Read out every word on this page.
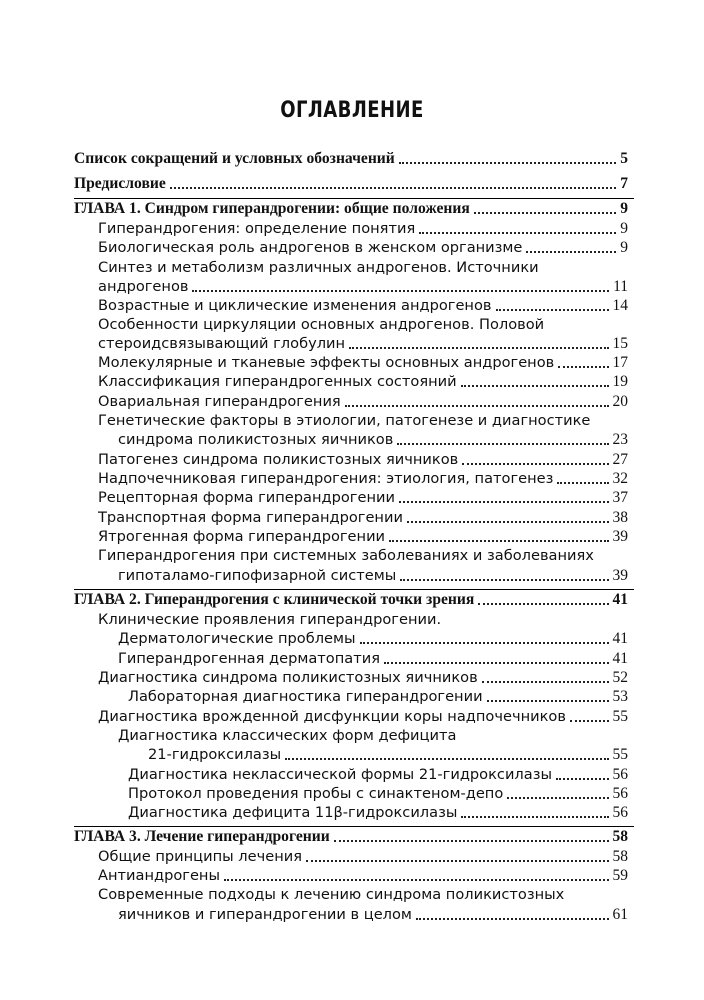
ОГЛАВЛЕНИЕ
Список сокращений и условных обозначений	5
Предисловие	7
ГЛАВА 1. Синдром гиперандрогении: общие положения	9
Гиперандрогения: определение понятия	9
Биологическая роль андрогенов в женском организме	9
Синтез и метаболизм различных андрогенов. Источники
андрогенов	11
Возрастные и циклические изменения андрогенов	14
Особенности циркуляции основных андрогенов. Половой
стероидсвязывающий глобулин	15
Молекулярные и тканевые эффекты основных андрогенов	17
Классификация гиперандрогенных состояний	19
Овариальная гиперандрогения	20
Генетические факторы в этиологии, патогенезе и диагностике
синдрома поликистозных яичников	23
Патогенез синдрома поликистозных яичников	27
Надпочечниковая гиперандрогения: этиология, патогенез	32
Рецепторная форма гиперандрогении	37
Транспортная форма гиперандрогении	38
Ятрогенная форма гиперандрогении	39
Гиперандрогения при системных заболеваниях и заболеваниях
гипоталамо-гипофизарной системы	39
ГЛАВА 2. Гиперандрогения с клинической точки зрения	41
Клинические проявления гиперандрогении.
Дерматологические проблемы	41
Гиперандрогенная дерматопатия	41
Диагностика синдрома поликистозных яичников	52
Лабораторная диагностика гиперандрогении	53
Диагностика врожденной дисфункции коры надпочечников	55
Диагностика классических форм дефицита
21-гидроксилазы	55
Диагностика неклассической формы 21-гидроксилазы	56
Протокол проведения пробы с синактеном-депо	56
Диагностика дефицита 11β-гидроксилазы	56
ГЛАВА 3. Лечение гиперандрогении	58
Общие принципы лечения	58
Антиандрогены	59
Современные подходы к лечению синдрома поликистозных
яичников и гиперандрогении в целом	61
